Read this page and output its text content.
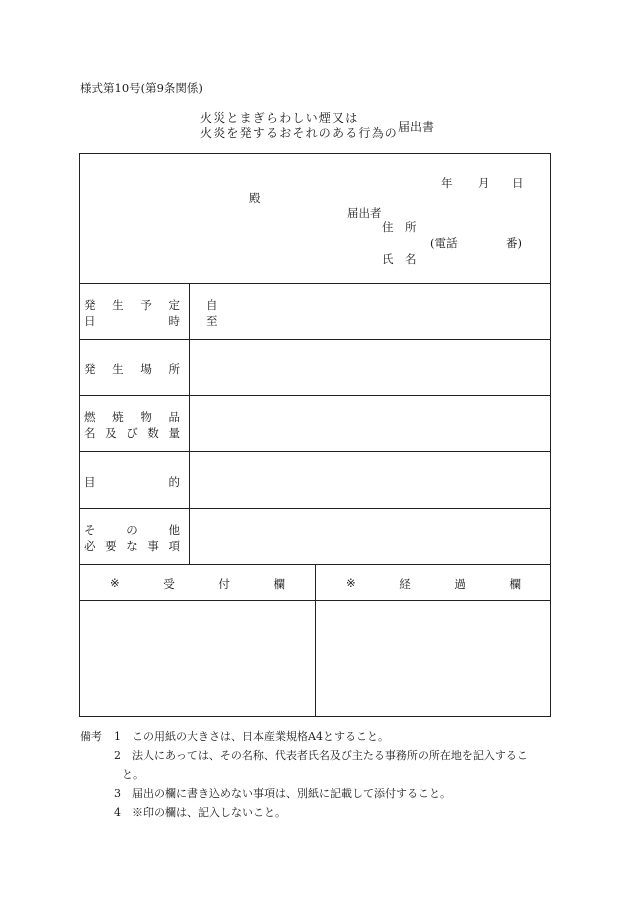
様式第10号(第9条関係)
火災とまぎらわしい煙又は
火炎を発するおそれのある行為の 届出書
年 月 日
殿
届出者
住　所
(電話	番)
氏　名
発 生 予 定
日	時
自
至
発 生 場 所
燃 焼 物 品
名 及 び 数 量
目	的
そ	の	他
必 要 な 事 項
※	受	付	欄	※	経	過	欄
備考 1 この用紙の大きさは、日本産業規格A4とすること。
2 法人にあっては、その名称、代表者氏名及び主たる事務所の所在地を記入するこ
と。
3 届出の欄に書き込めない事項は、別紙に記載して添付すること。
4 ※印の欄は、記入しないこと。
